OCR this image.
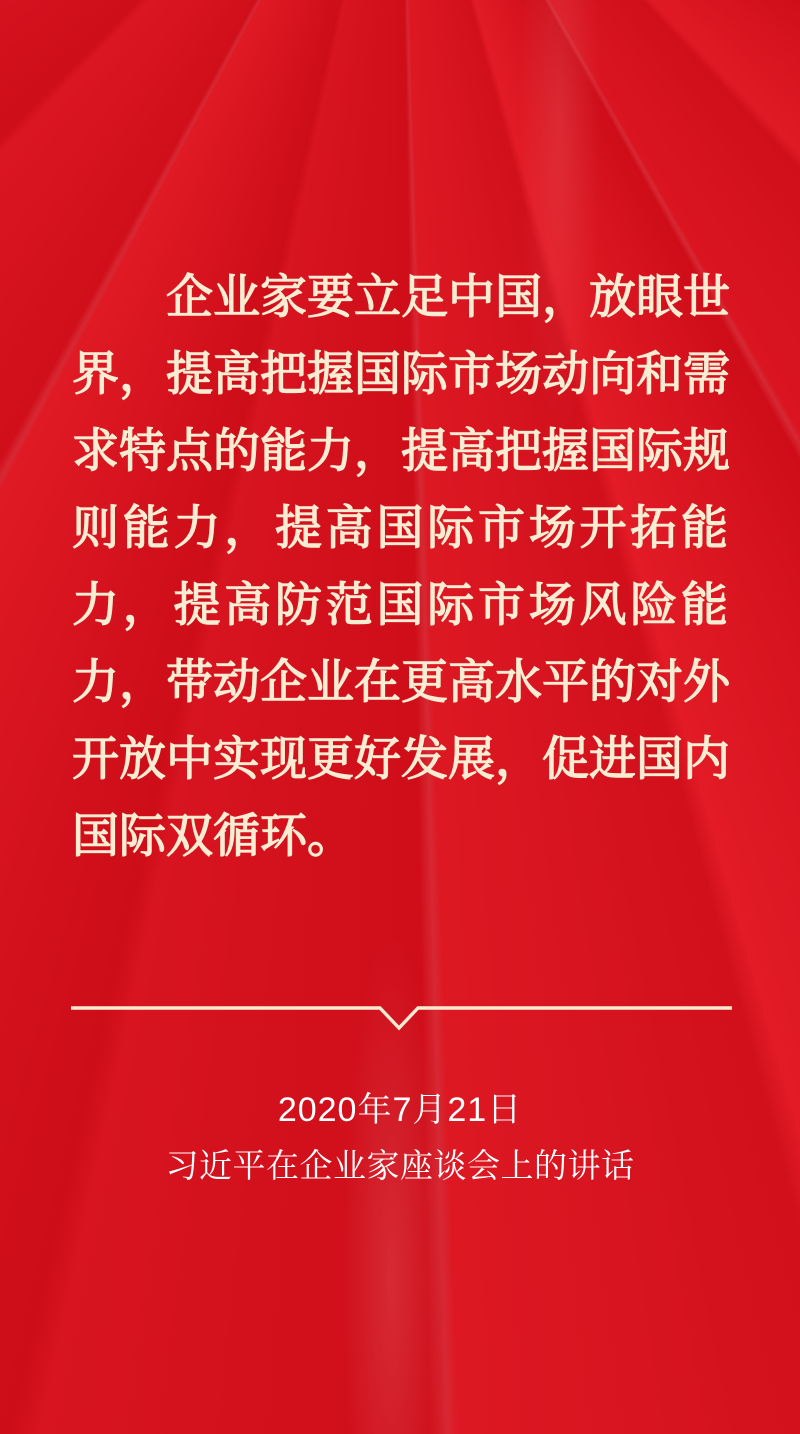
企业家要立足中国，放眼世
界，提高把握国际市场动向和需
求特点的能力，提高把握国际规
则能力，提高国际市场开拓能
力，提高防范国际市场风险能
力，带动企业在更高水平的对外
开放中实现更好发展，促进国内
国际双循环。
2020年7月21日
习近平在企业家座谈会上的讲话
